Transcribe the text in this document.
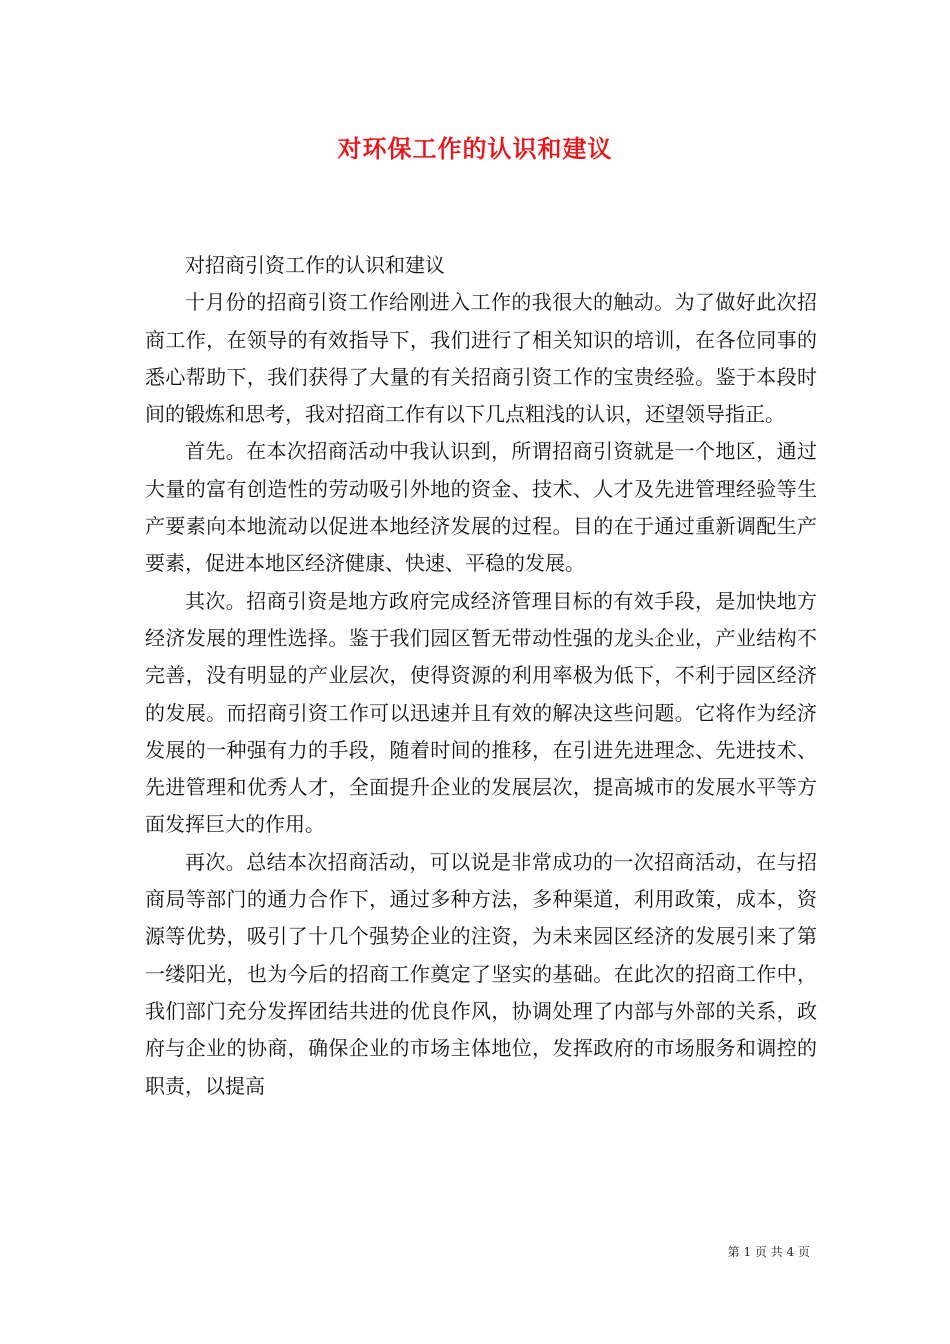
对环保工作的认识和建议

对招商引资工作的认识和建议

十月份的招商引资工作给刚进入工作的我很大的触动。为了做好此次招商工作，在领导的有效指导下，我们进行了相关知识的培训，在各位同事的悉心帮助下，我们获得了大量的有关招商引资工作的宝贵经验。鉴于本段时间的锻炼和思考，我对招商工作有以下几点粗浅的认识，还望领导指正。

首先。在本次招商活动中我认识到，所谓招商引资就是一个地区，通过大量的富有创造性的劳动吸引外地的资金、技术、人才及先进管理经验等生产要素向本地流动以促进本地经济发展的过程。目的在于通过重新调配生产要素，促进本地区经济健康、快速、平稳的发展。

其次。招商引资是地方政府完成经济管理目标的有效手段，是加快地方经济发展的理性选择。鉴于我们园区暂无带动性强的龙头企业，产业结构不完善，没有明显的产业层次，使得资源的利用率极为低下，不利于园区经济的发展。而招商引资工作可以迅速并且有效的解决这些问题。它将作为经济发展的一种强有力的手段，随着时间的推移，在引进先进理念、先进技术、先进管理和优秀人才，全面提升企业的发展层次，提高城市的发展水平等方面发挥巨大的作用。

再次。总结本次招商活动，可以说是非常成功的一次招商活动，在与招商局等部门的通力合作下，通过多种方法，多种渠道，利用政策，成本，资源等优势，吸引了十几个强势企业的注资，为未来园区经济的发展引来了第一缕阳光，也为今后的招商工作奠定了坚实的基础。在此次的招商工作中，我们部门充分发挥团结共进的优良作风，协调处理了内部与外部的关系，政府与企业的协商，确保企业的市场主体地位，发挥政府的市场服务和调控的职责，以提高

第 1 页 共 4 页
